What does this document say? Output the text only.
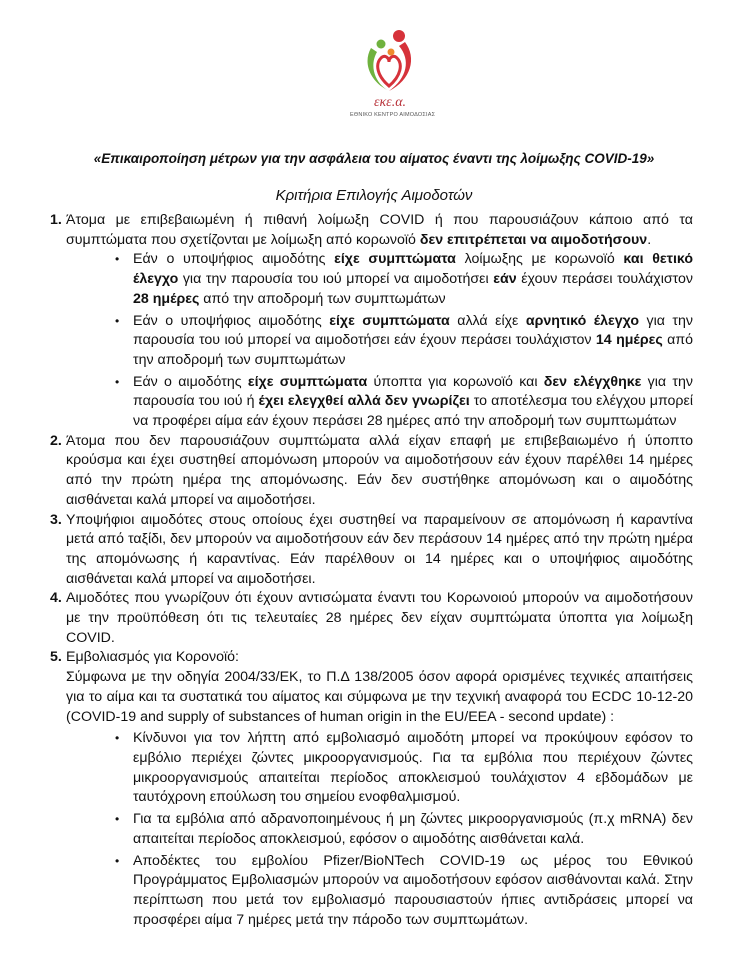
εκε.α.
ΕΘΝΙΚΟ ΚΕΝΤΡΟ ΑΙΜΟΔΟΣΙΑΣ
«Επικαιροποίηση μέτρων για την ασφάλεια του αίματος έναντι της λοίμωξης COVID-19»
Κριτήρια Επιλογής Αιμοδοτών
1. Άτομα με επιβεβαιωμένη ή πιθανή λοίμωξη COVID ή που παρουσιάζουν κάποιο από τα συμπτώματα που σχετίζονται με λοίμωξη από κορωνοϊό δεν επιτρέπεται να αιμοδοτήσουν.
• Εάν ο υποψήφιος αιμοδότης είχε συμπτώματα λοίμωξης με κορωνοϊό και θετικό έλεγχο για την παρουσία του ιού μπορεί να αιμοδοτήσει εάν έχουν περάσει τουλάχιστον 28 ημέρες από την αποδρομή των συμπτωμάτων
• Εάν ο υποψήφιος αιμοδότης είχε συμπτώματα αλλά είχε αρνητικό έλεγχο για την παρουσία του ιού μπορεί να αιμοδοτήσει εάν έχουν περάσει τουλάχιστον 14 ημέρες από την αποδρομή των συμπτωμάτων
• Εάν ο αιμοδότης είχε συμπτώματα ύποπτα για κορωνοϊό και δεν ελέγχθηκε για την παρουσία του ιού ή έχει ελεγχθεί αλλά δεν γνωρίζει το αποτέλεσμα του ελέγχου μπορεί να προφέρει αίμα εάν έχουν περάσει 28 ημέρες από την αποδρομή των συμπτωμάτων
2. Άτομα που δεν παρουσιάζουν συμπτώματα αλλά είχαν επαφή με επιβεβαιωμένο ή ύποπτο κρούσμα και έχει συστηθεί απομόνωση μπορούν να αιμοδοτήσουν εάν έχουν παρέλθει 14 ημέρες από την πρώτη ημέρα της απομόνωσης. Εάν δεν συστήθηκε απομόνωση και ο αιμοδότης αισθάνεται καλά μπορεί να αιμοδοτήσει.
3. Υποψήφιοι αιμοδότες στους οποίους έχει συστηθεί να παραμείνουν σε απομόνωση ή καραντίνα μετά από ταξίδι, δεν μπορούν να αιμοδοτήσουν εάν δεν περάσουν 14 ημέρες από την πρώτη ημέρα της απομόνωσης ή καραντίνας. Εάν παρέλθουν οι 14 ημέρες και ο υποψήφιος αιμοδότης αισθάνεται καλά μπορεί να αιμοδοτήσει.
4. Αιμοδότες που γνωρίζουν ότι έχουν αντισώματα έναντι του Κορωνοιού μπορούν να αιμοδοτήσουν με την προϋπόθεση ότι τις τελευταίες 28 ημέρες δεν είχαν συμπτώματα ύποπτα για λοίμωξη COVID.
5. Εμβολιασμός για Κορονοϊό:
Σύμφωνα με την οδηγία 2004/33/ΕΚ, το Π.Δ 138/2005 όσον αφορά ορισμένες τεχνικές απαιτήσεις για το αίμα και τα συστατικά του αίματος και σύμφωνα με την τεχνική αναφορά του ECDC 10-12-20 (COVID-19 and supply of substances of human origin in the EU/EEA - second update) :
• Κίνδυνοι για τον λήπτη από εμβολιασμό αιμοδότη μπορεί να προκύψουν εφόσον το εμβόλιο περιέχει ζώντες μικροοργανισμούς. Για τα εμβόλια που περιέχουν ζώντες μικροοργανισμούς απαιτείται περίοδος αποκλεισμού τουλάχιστον 4 εβδομάδων με ταυτόχρονη επούλωση του σημείου ενοφθαλμισμού.
• Για τα εμβόλια από αδρανοποιημένους ή μη ζώντες μικροοργανισμούς (π.χ mRNA) δεν απαιτείται περίοδος αποκλεισμού, εφόσον ο αιμοδότης αισθάνεται καλά.
• Αποδέκτες του εμβολίου Pfizer/BioNTech COVID-19 ως μέρος του Εθνικού Προγράμματος Εμβολιασμών μπορούν να αιμοδοτήσουν εφόσον αισθάνονται καλά. Στην περίπτωση που μετά τον εμβολιασμό παρουσιαστούν ήπιες αντιδράσεις μπορεί να προσφέρει αίμα 7 ημέρες μετά την πάροδο των συμπτωμάτων.
